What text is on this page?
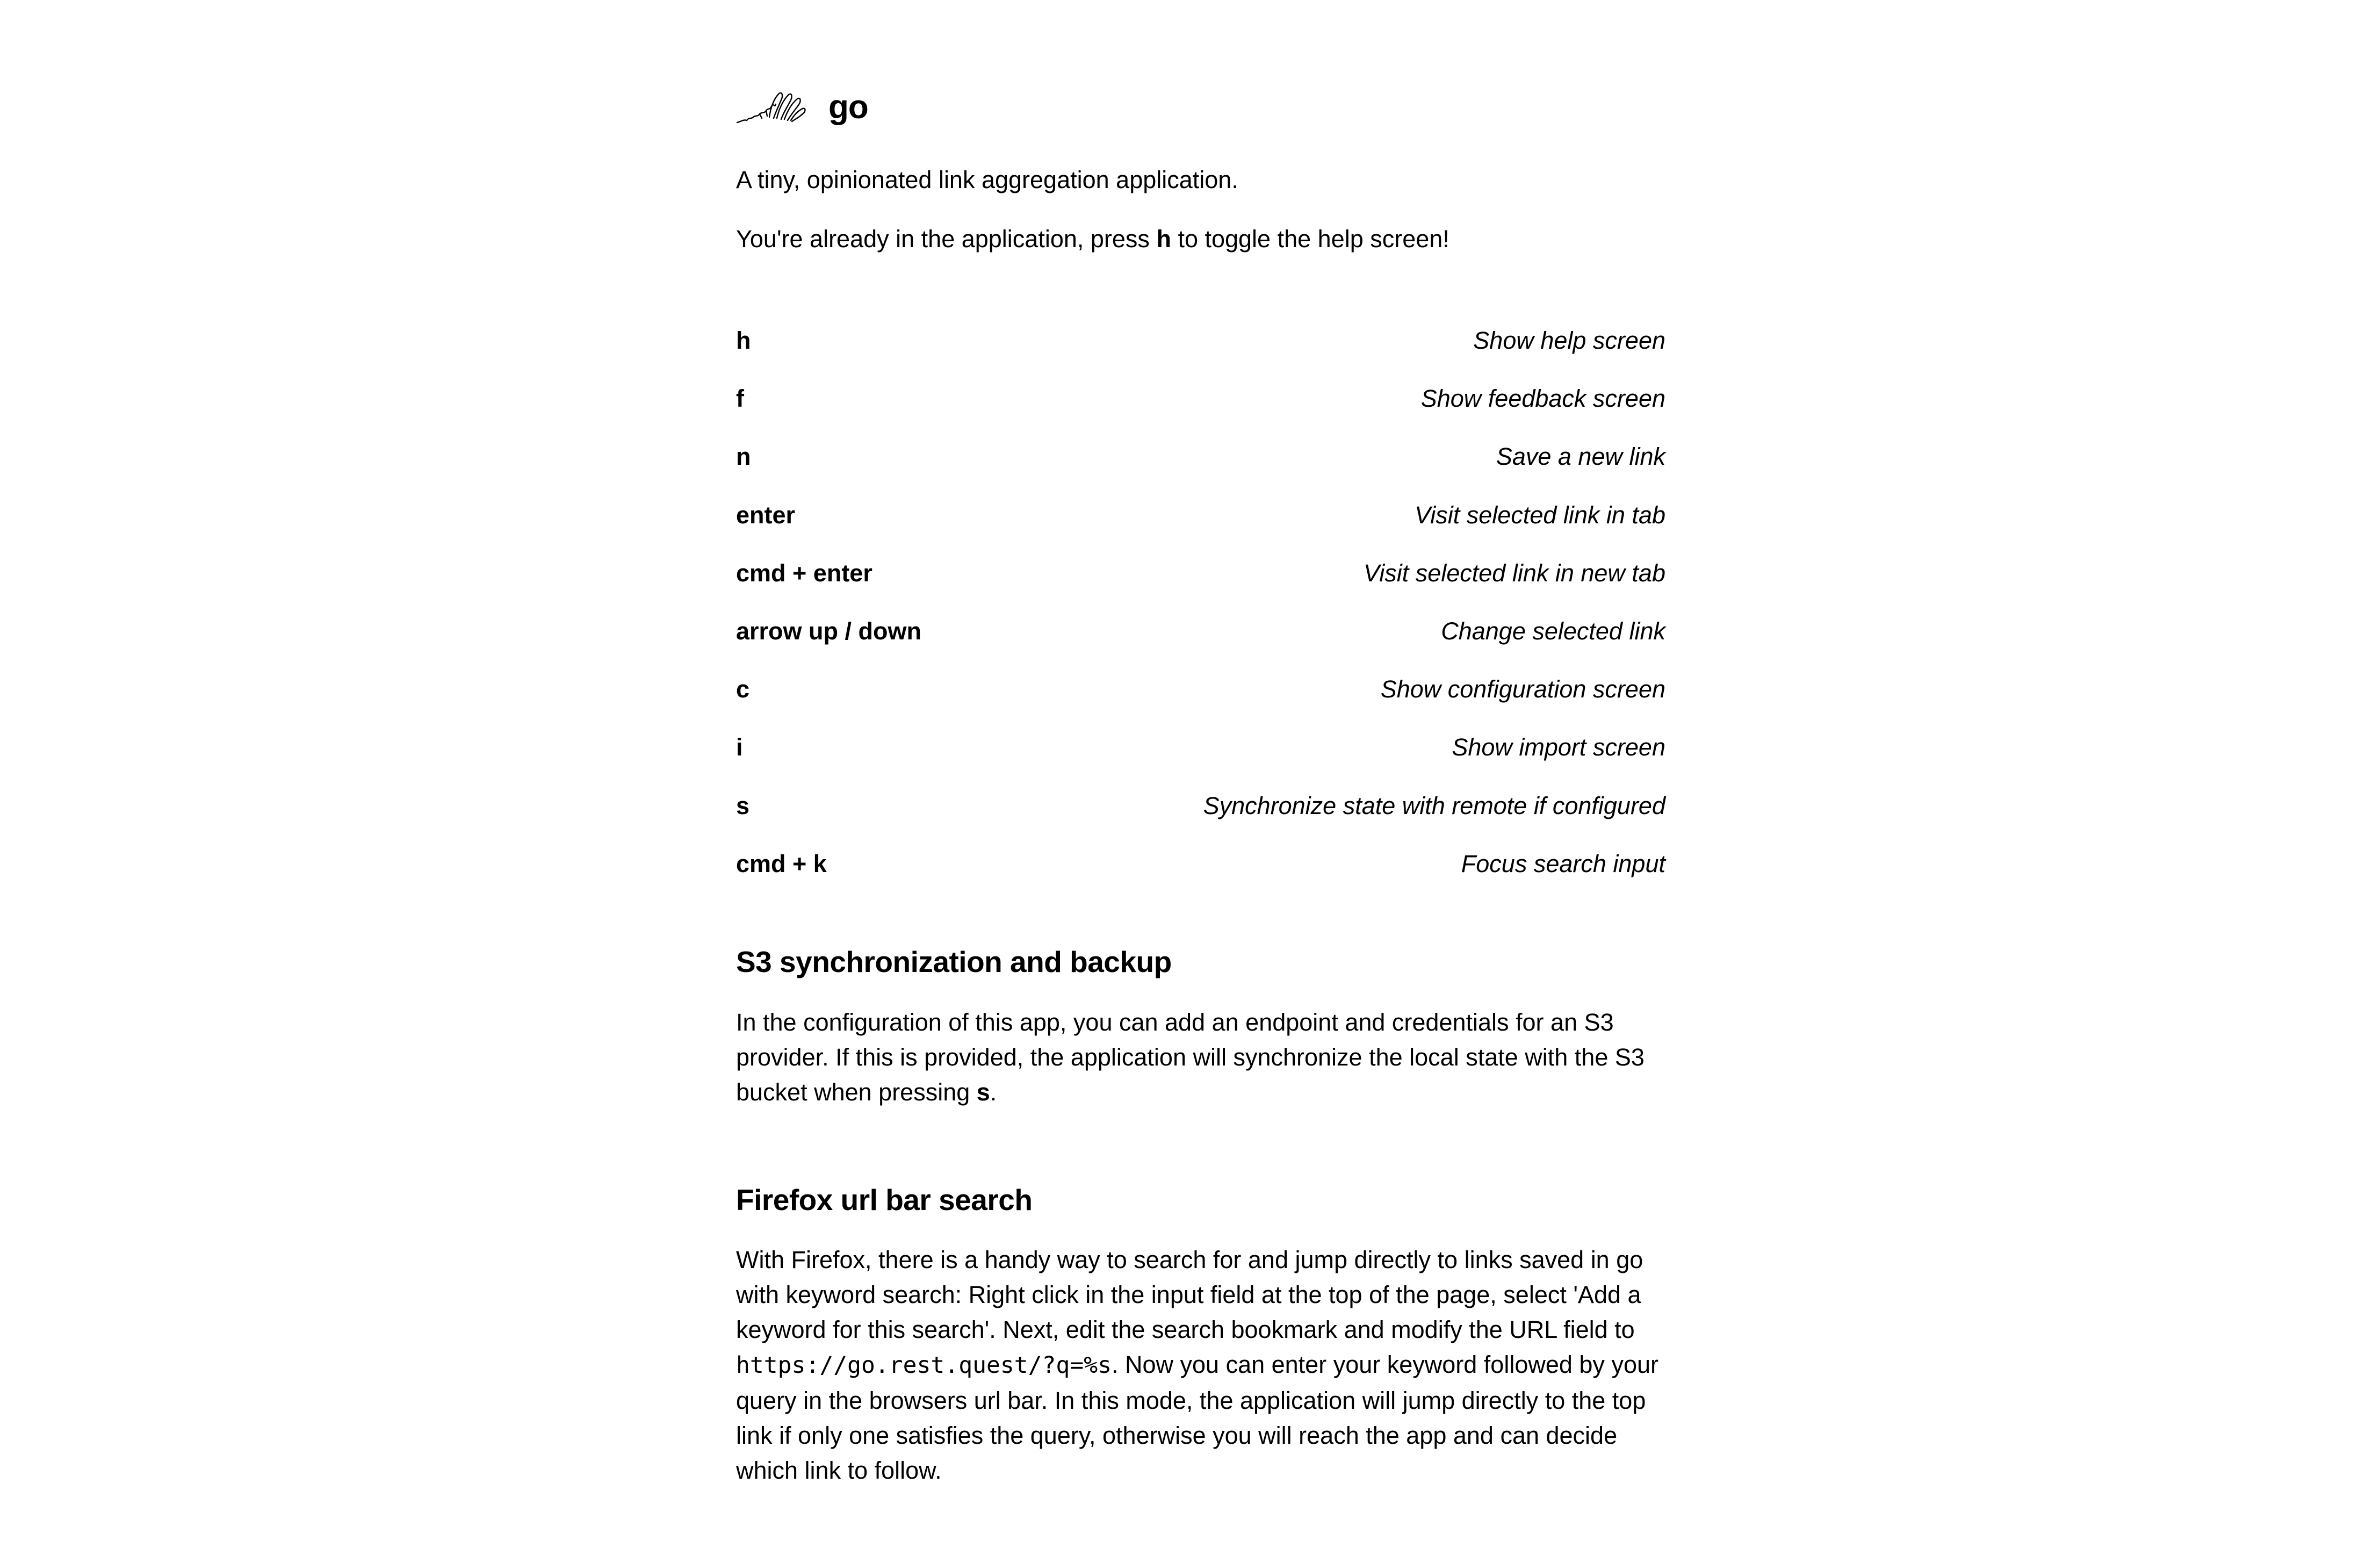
go

A tiny, opinionated link aggregation application.

You're already in the application, press h to toggle the help screen!

h	Show help screen
f	Show feedback screen
n	Save a new link
enter	Visit selected link in tab
cmd + enter	Visit selected link in new tab
arrow up / down	Change selected link
c	Show configuration screen
i	Show import screen
s	Synchronize state with remote if configured
cmd + k	Focus search input
S3 synchronization and backup

In the configuration of this app, you can add an endpoint and credentials for an S3 provider. If this is provided, the application will synchronize the local state with the S3 bucket when pressing s.

Firefox url bar search

With Firefox, there is a handy way to search for and jump directly to links saved in go with keyword search: Right click in the input field at the top of the page, select 'Add a keyword for this search'. Next, edit the search bookmark and modify the URL field to https://go.rest.quest/?q=%s. Now you can enter your keyword followed by your query in the browsers url bar. In this mode, the application will jump directly to the top link if only one satisfies the query, otherwise you will reach the app and can decide which link to follow.
